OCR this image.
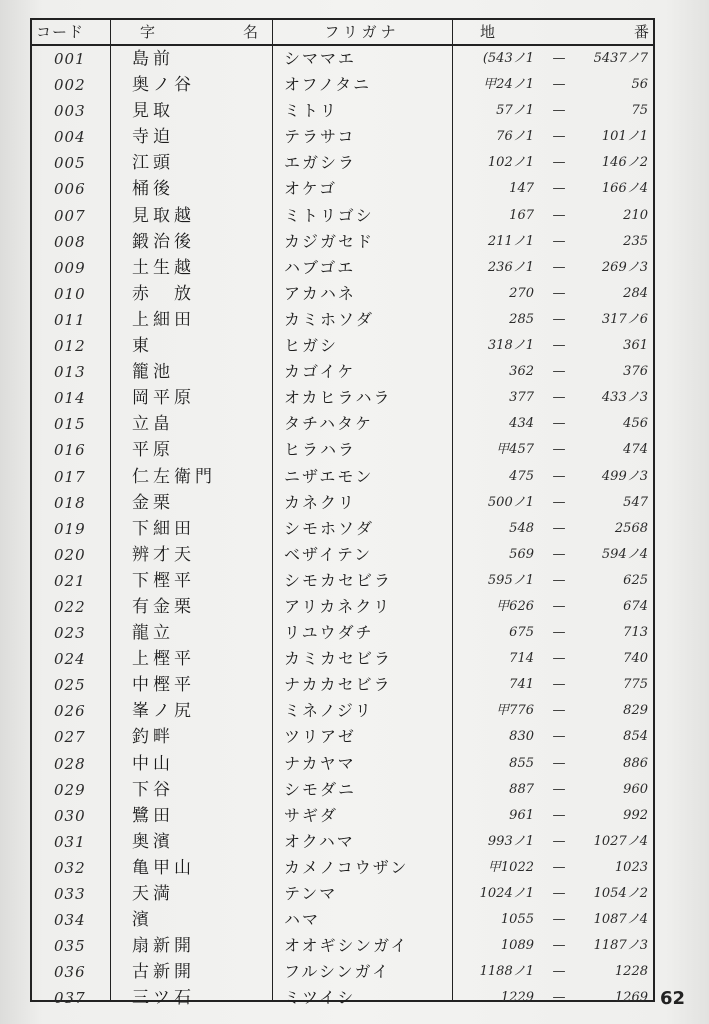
コード	字	名	フリガナ	地	番
001	島前	シママエ	(543ノ1	—	5437ノ7
002	奥ノ谷	オフノタニ	甲24ノ1	—	56
003	見取	ミトリ	57ノ1	—	75
004	寺迫	テラサコ	76ノ1	—	101ノ1
005	江頭	エガシラ	102ノ1	—	146ノ2
006	桶後	オケゴ	147	—	166ノ4
007	見取越	ミトリゴシ	167	—	210
008	鍛治後	カジガセド	211ノ1	—	235
009	土生越	ハブゴエ	236ノ1	—	269ノ3
010	赤　放	アカハネ	270	—	284
011	上細田	カミホソダ	285	—	317ノ6
012	東	ヒガシ	318ノ1	—	361
013	籠池	カゴイケ	362	—	376
014	岡平原	オカヒラハラ	377	—	433ノ3
015	立畠	タチハタケ	434	—	456
016	平原	ヒラハラ	甲457	—	474
017	仁左衛門	ニザエモン	475	—	499ノ3
018	金栗	カネクリ	500ノ1	—	547
019	下細田	シモホソダ	548	—	2568
020	辨才天	ベザイテン	569	—	594ノ4
021	下樫平	シモカセビラ	595ノ1	—	625
022	有金栗	アリカネクリ	甲626	—	674
023	龍立	リユウダチ	675	—	713
024	上樫平	カミカセビラ	714	—	740
025	中樫平	ナカカセビラ	741	—	775
026	峯ノ尻	ミネノジリ	甲776	—	829
027	釣畔	ツリアゼ	830	—	854
028	中山	ナカヤマ	855	—	886
029	下谷	シモダニ	887	—	960
030	鷺田	サギダ	961	—	992
031	奥濱	オクハマ	993ノ1	—	1027ノ4
032	亀甲山	カメノコウザン	甲1022	—	1023
033	天満	テンマ	1024ノ1	—	1054ノ2
034	濱	ハマ	1055	—	1087ノ4
035	扇新開	オオギシンガイ	1089	—	1187ノ3
036	古新開	フルシンガイ	1188ノ1	—	1228
037	三ツ石	ミツイシ	1229	—	1269 62
